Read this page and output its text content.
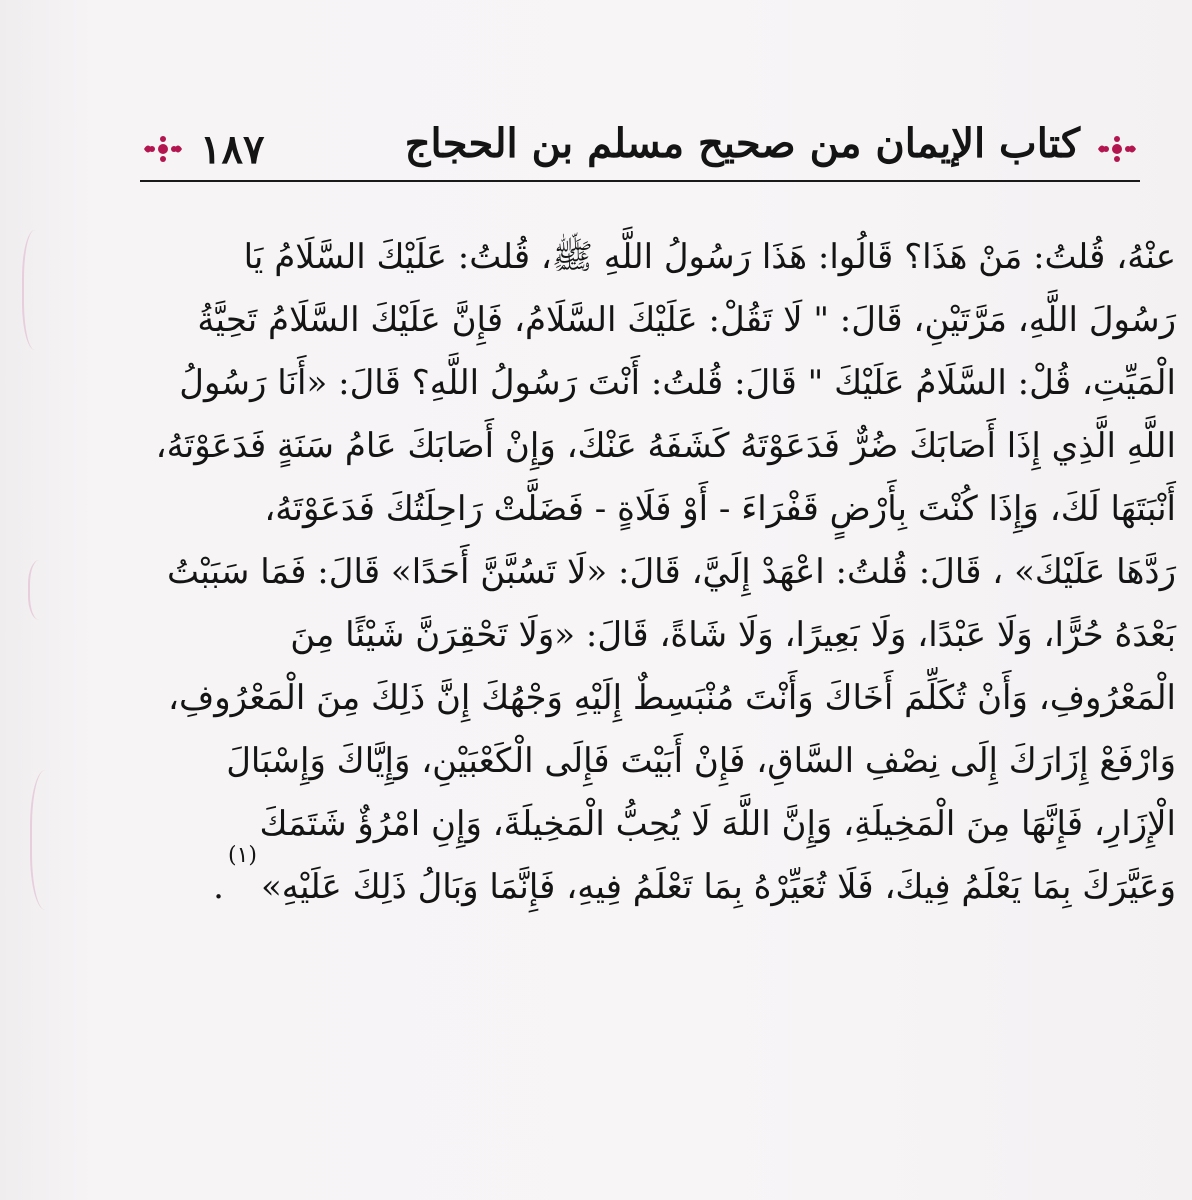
١٨٧	كتاب الإيمان من صحيح مسلم بن الحجاج
عنْهُ، قُلتُ: مَنْ هَذَا؟ قَالُوا: هَذَا رَسُولُ اللَّهِ ﷺ، قُلتُ: عَلَيْكَ السَّلَامُ يَا
رَسُولَ اللَّهِ، مَرَّتَيْنِ، قَالَ: " لَا تَقُلْ: عَلَيْكَ السَّلَامُ، فَإِنَّ عَلَيْكَ السَّلَامُ تَحِيَّةُ
الْمَيِّتِ، قُلْ: السَّلَامُ عَلَيْكَ " قَالَ: قُلتُ: أَنْتَ رَسُولُ اللَّهِ؟ قَالَ: «أَنَا رَسُولُ
اللَّهِ الَّذِي إِذَا أَصَابَكَ ضُرٌّ فَدَعَوْتَهُ كَشَفَهُ عَنْكَ، وَإِنْ أَصَابَكَ عَامُ سَنَةٍ فَدَعَوْتَهُ،
أَنْبَتَهَا لَكَ، وَإِذَا كُنْتَ بِأَرْضٍ قَفْرَاءَ - أَوْ فَلَاةٍ - فَضَلَّتْ رَاحِلَتُكَ فَدَعَوْتَهُ،
رَدَّهَا عَلَيْكَ» ، قَالَ: قُلتُ: اعْهَدْ إِلَيَّ، قَالَ: «لَا تَسُبَّنَّ أَحَدًا» قَالَ: فَمَا سَبَبْتُ
بَعْدَهُ حُرًّا، وَلَا عَبْدًا، وَلَا بَعِيرًا، وَلَا شَاةً، قَالَ: «وَلَا تَحْقِرَنَّ شَيْئًا مِنَ
الْمَعْرُوفِ، وَأَنْ تُكَلِّمَ أَخَاكَ وَأَنْتَ مُنْبَسِطٌ إِلَيْهِ وَجْهُكَ إِنَّ ذَلِكَ مِنَ الْمَعْرُوفِ،
وَارْفَعْ إِزَارَكَ إِلَى نِصْفِ السَّاقِ، فَإِنْ أَبَيْتَ فَإِلَى الْكَعْبَيْنِ، وَإِيَّاكَ وَإِسْبَالَ
الْإِزَارِ، فَإِنَّهَا مِنَ الْمَخِيلَةِ، وَإِنَّ اللَّهَ لَا يُحِبُّ الْمَخِيلَةَ، وَإِنِ امْرُؤٌ شَتَمَكَ
وَعَيَّرَكَ بِمَا يَعْلَمُ فِيكَ، فَلَا تُعَيِّرْهُ بِمَا تَعْلَمُ فِيهِ، فَإِنَّمَا وَبَالُ ذَلِكَ عَلَيْهِ»
(١)
.
